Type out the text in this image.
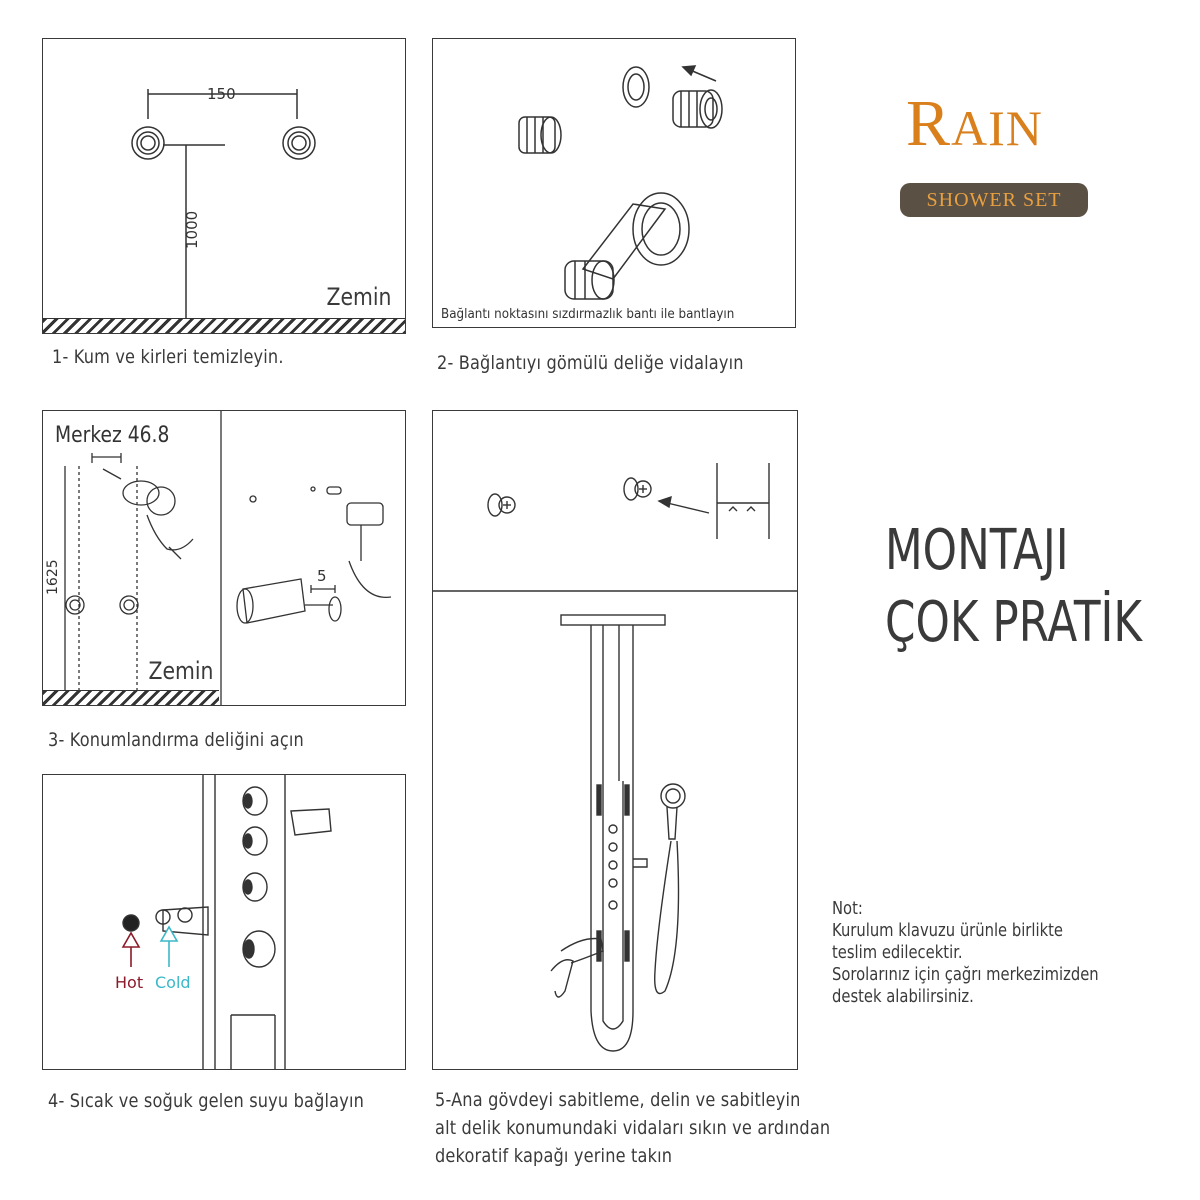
150
1000
Zemin
1- Kum ve kirleri temizleyin.
Bağlantı noktasını sızdırmazlık bantı ile bantlayın
2- Bağlantıyı gömülü deliğe vidalayın
RAIN
SHOWER SET
MONTAJI
ÇOK PRATİK
Merkez 46.8
1625	5
Zemin
3- Konumlandırma deliğini açın
Hot Cold
4- Sıcak ve soğuk gelen suyu bağlayın	5-Ana gövdeyi sabitleme, delin ve sabitleyin
alt delik konumundaki vidaları sıkın ve ardından
dekoratif kapağı yerine takın
Not:
Kurulum klavuzu ürünle birlikte
teslim edilecektir.
Sorolarınız için çağrı merkezimizden
destek alabilirsiniz.
